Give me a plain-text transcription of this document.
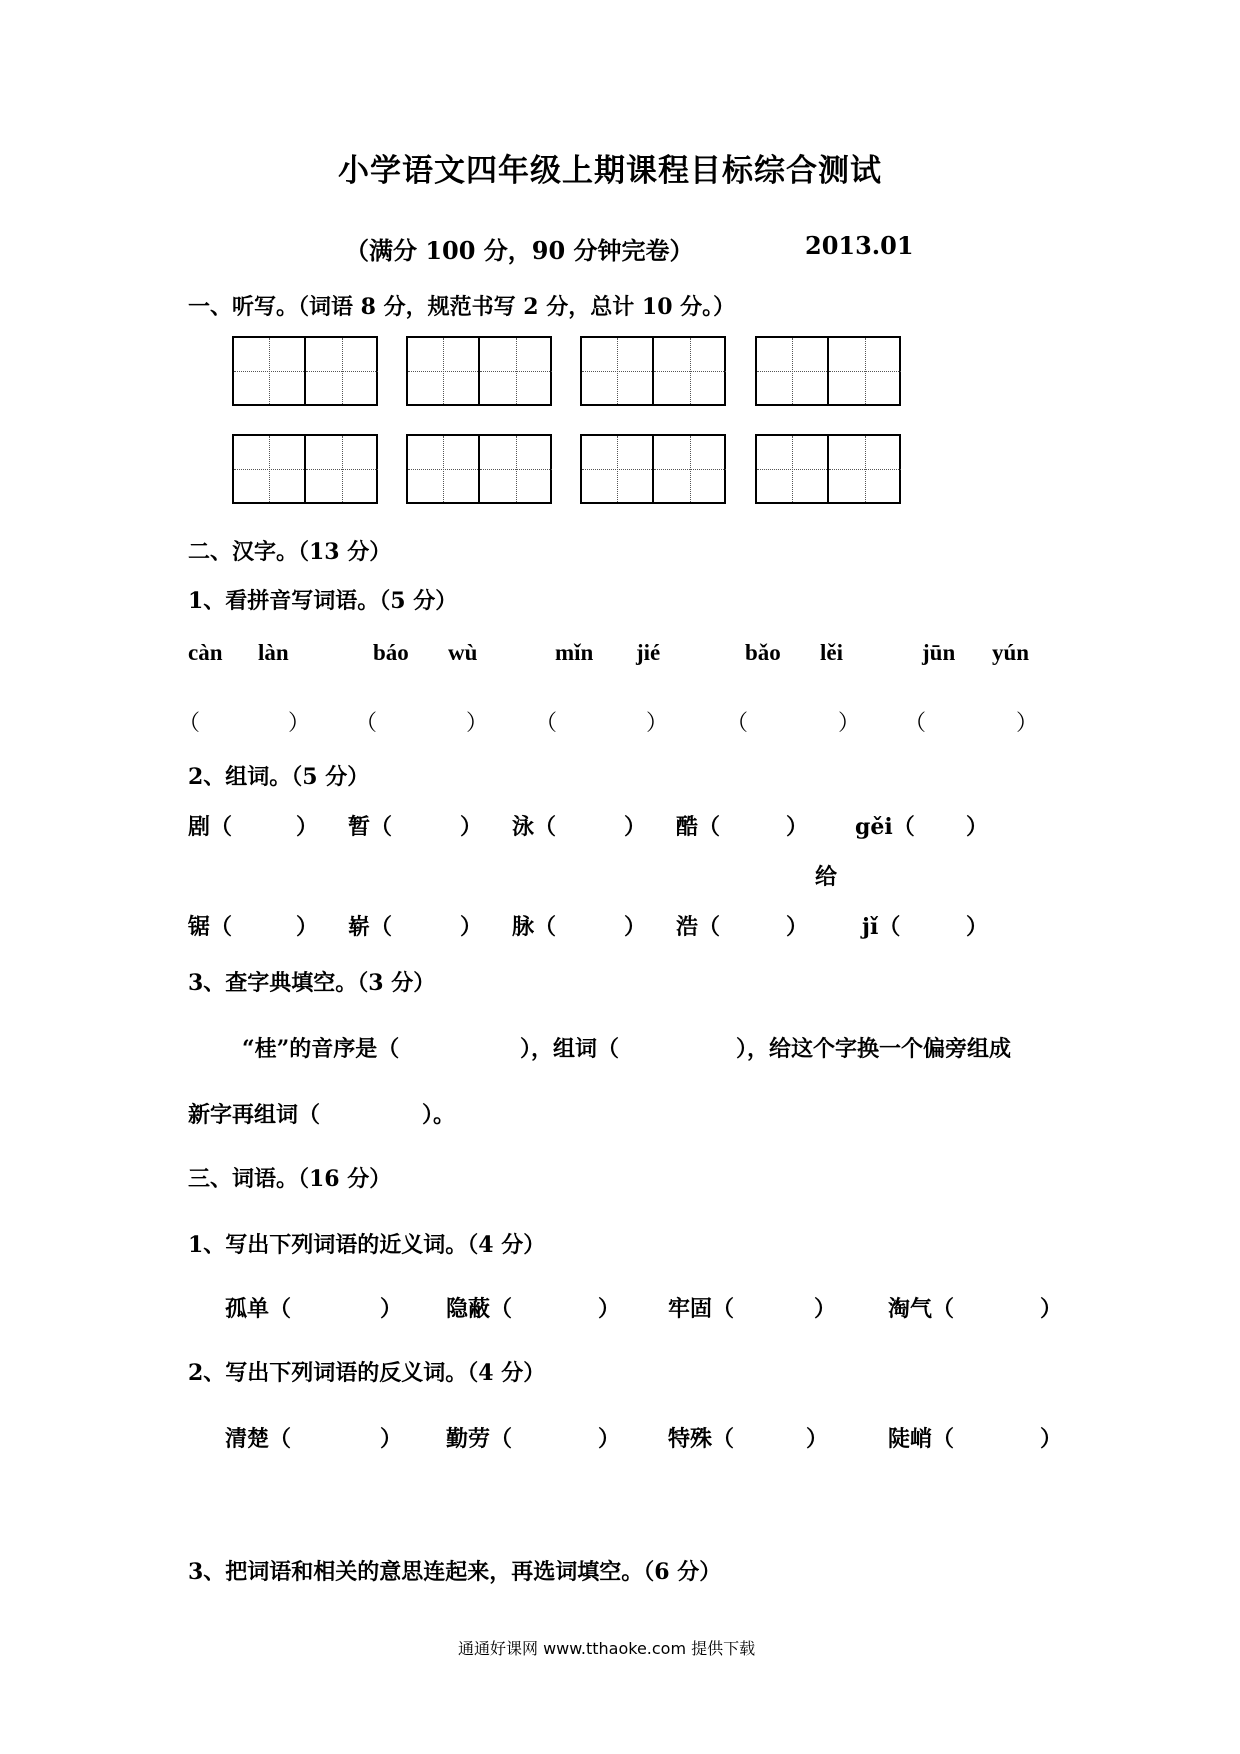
小学语文四年级上期课程目标综合测试
（满分 100 分，90 分钟完卷）	2013.01
一、听写。（词语 8 分，规范书写 2 分，总计 10 分。）
二、汉字。（13 分）
1、看拼音写词语。（5 分）
càn làn	báo wù	mǐn jié	bǎo lěi	jūn yún
（	） （	） （	）	（	） （	）
2、组词。（5 分）
剧（	） 暂（	） 泳（	） 酷（	） gěi（ ）
给
锯（	） 崭（	） 脉（	） 浩（	） jǐ（	）
3、查字典填空。（3 分）
“桂”的音序是（	），组词（	），给这个字换一个偏旁组成
新字再组词（	）。
三、词语。（16 分）
1、写出下列词语的近义词。（4 分）
孤单（	） 隐蔽（	） 牢固（	） 淘气（	）
2、写出下列词语的反义词。（4 分）
清楚（	） 勤劳（	） 特殊（	）	陡峭（	）
3、把词语和相关的意思连起来，再选词填空。（6 分）
通通好课网 www.tthaoke.com 提供下载
